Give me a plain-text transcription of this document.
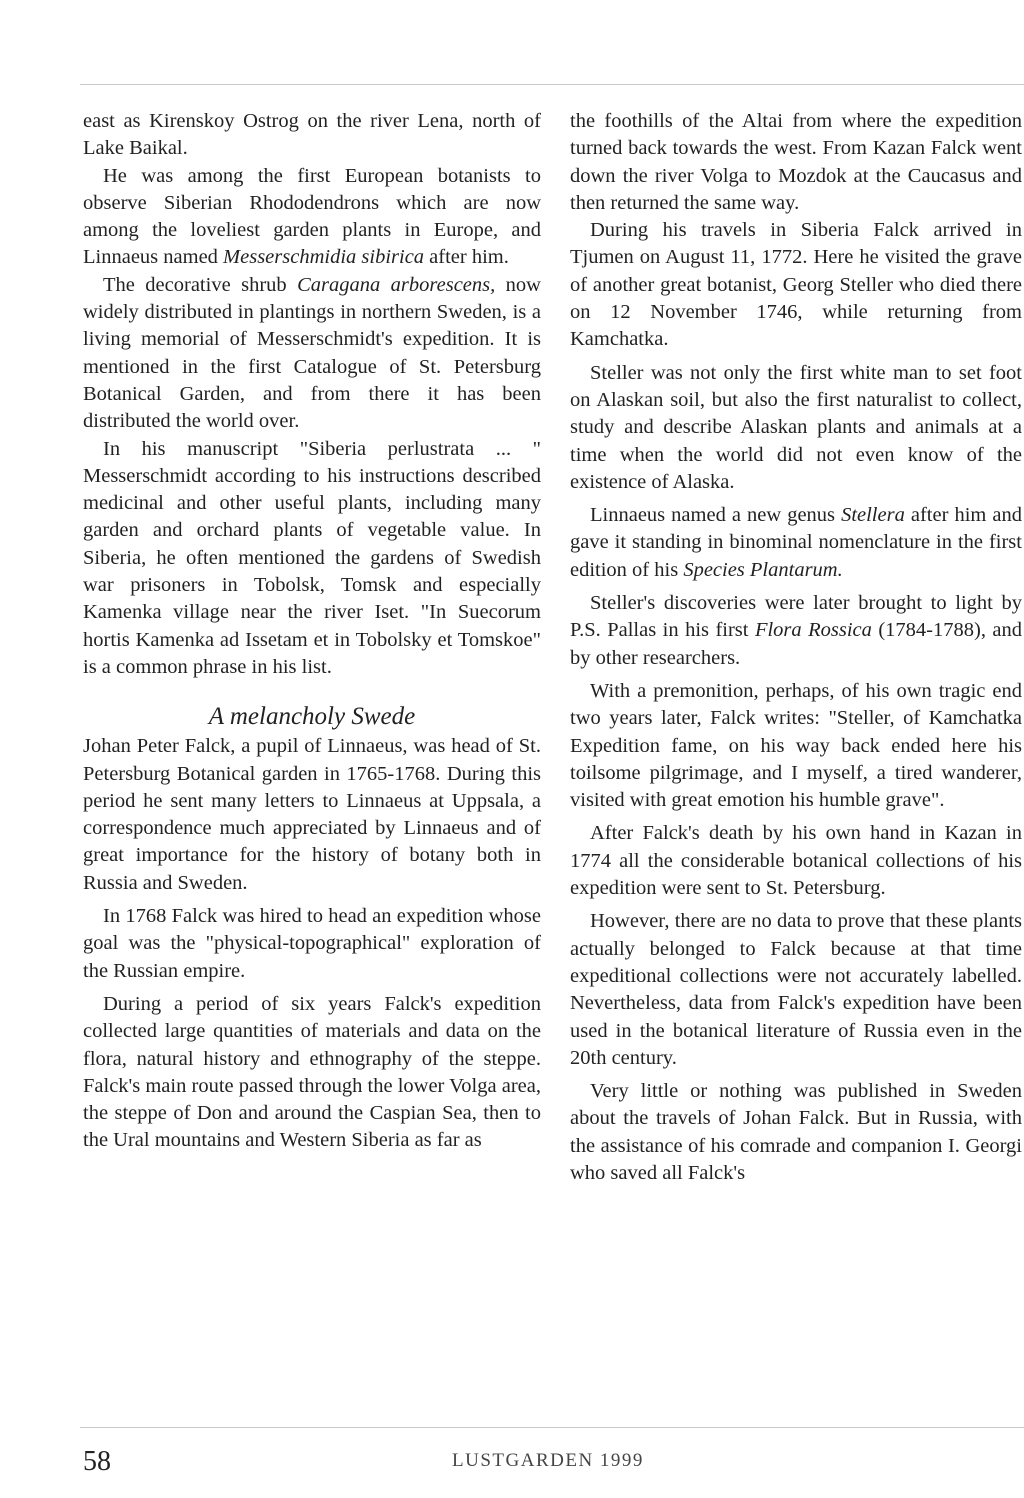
east as Kirenskoy Ostrog on the river Lena, north of Lake Baikal.

He was among the first European botanists to observe Siberian Rhododendrons which are now among the loveliest garden plants in Europe, and Linnaeus named Messerschmidia sibirica after him.

The decorative shrub Caragana arborescens, now widely distributed in plantings in northern Sweden, is a living memorial of Messerschmidt's expedition. It is mentioned in the first Catalogue of St. Petersburg Botanical Garden, and from there it has been distributed the world over.

In his manuscript "Siberia perlustrata ... " Messerschmidt according to his instructions described medicinal and other useful plants, including many garden and orchard plants of vegetable value. In Siberia, he often mentioned the gardens of Swedish war prisoners in Tobolsk, Tomsk and especially Kamenka village near the river Iset. "In Suecorum hortis Kamenka ad Issetam et in Tobolsky et Tomskoe" is a common phrase in his list.

A melancholy Swede

Johan Peter Falck, a pupil of Linnaeus, was head of St. Petersburg Botanical garden in 1765-1768. During this period he sent many letters to Linnaeus at Uppsala, a correspondence much appreciated by Linnaeus and of great importance for the history of botany both in Russia and Sweden.

In 1768 Falck was hired to head an expedition whose goal was the "physical-topographical" exploration of the Russian empire.

During a period of six years Falck's expedition collected large quantities of materials and data on the flora, natural history and ethnography of the steppe. Falck's main route passed through the lower Volga area, the steppe of Don and around the Caspian Sea, then to the Ural mountains and Western Siberia as far as

the foothills of the Altai from where the expedition turned back towards the west. From Kazan Falck went down the river Volga to Mozdok at the Caucasus and then returned the same way.

During his travels in Siberia Falck arrived in Tjumen on August 11, 1772. Here he visited the grave of another great botanist, Georg Steller who died there on 12 November 1746, while returning from Kamchatka.

Steller was not only the first white man to set foot on Alaskan soil, but also the first naturalist to collect, study and describe Alaskan plants and animals at a time when the world did not even know of the existence of Alaska.

Linnaeus named a new genus Stellera after him and gave it standing in binominal nomenclature in the first edition of his Species Plantarum.

Steller's discoveries were later brought to light by P.S. Pallas in his first Flora Rossica (1784-1788), and by other researchers.

With a premonition, perhaps, of his own tragic end two years later, Falck writes: "Steller, of Kamchatka Expedition fame, on his way back ended here his toilsome pilgrimage, and I myself, a tired wanderer, visited with great emotion his humble grave".

After Falck's death by his own hand in Kazan in 1774 all the considerable botanical collections of his expedition were sent to St. Petersburg.

However, there are no data to prove that these plants actually belonged to Falck because at that time expeditional collections were not accurately labelled. Nevertheless, data from Falck's expedition have been used in the botanical literature of Russia even in the 20th century.

Very little or nothing was published in Sweden about the travels of Johan Falck. But in Russia, with the assistance of his comrade and companion I. Georgi who saved all Falck's

58	LUSTGARDEN 1999
